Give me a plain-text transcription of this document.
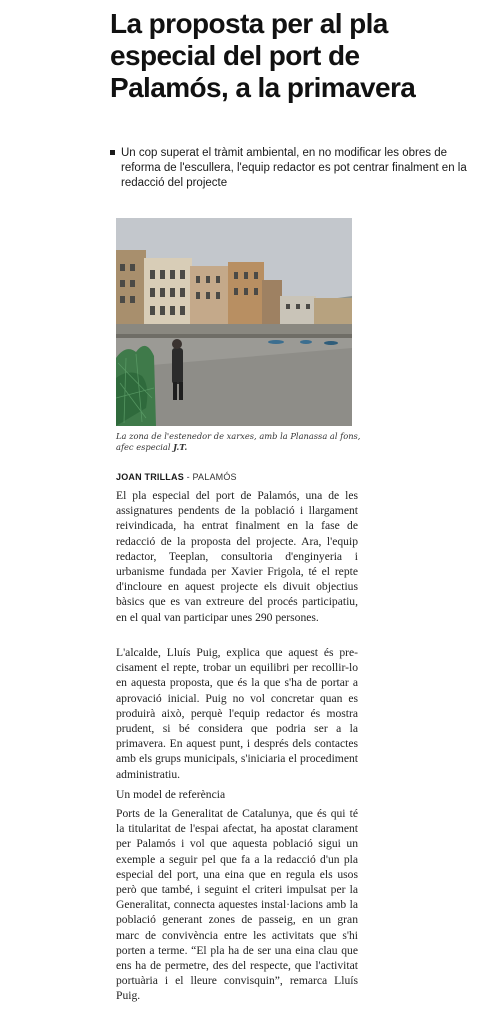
La proposta per al pla especial del port de Palamós, a la primavera
Un cop superat el tràmit ambiental, en no modificar les obres de reforma de l'escullera, l'equip redactor es pot centrar finalment en la redacció del projecte
La zona de l'estenedor de xarxes, amb la Planassa al fons, afec especial J.T.
JOAN TRILLAS - PALAMÓS

El pla especial del port de Palamós, una de les assignatures pendents de la població i llargament reivindicada, ha entrat finalment en la fase de redacció de la proposta del projecte. Ara, l'equip redactor, Teeplan, consultoria d'enginyeria i urbanisme fundada per Xavier Frigola, té el repte d'incloure en aquest projecte els divuit objectius bàsics que es van extreure del procés participatiu, en el qual van participar unes 290 persones.

L'alcalde, Lluís Puig, explica que aquest és precisament el repte, trobar un equilibri per recollir-lo en aquesta proposta, que és la que s'ha de portar a aprovació inicial. Puig no vol concretar quan es produirà això, perquè l'equip redactor és mostra prudent, si bé considera que podria ser a la primavera. En aquest punt, i després dels contactes amb els grups municipals, s'iniciaria el procediment administratiu.

Un model de referència

Ports de la Generalitat de Catalunya, que és qui té la titularitat de l'espai afectat, ha apostat clarament per Palamós i vol que aquesta població sigui un exemple a seguir pel que fa a la redacció d'un pla especial del port, una eina que en regula els usos però que també, i seguint el criteri impulsat per la Generalitat, connecta aquestes instal·lacions amb la població generant zones de passeig, en un gran marc de convivència entre les activitats que s'hi porten a terme. “El pla ha de ser una eina clau que ens ha de permetre, des del respecte, que l'activitat portuària i el lleure convisquin”, remarca Lluís Puig.
